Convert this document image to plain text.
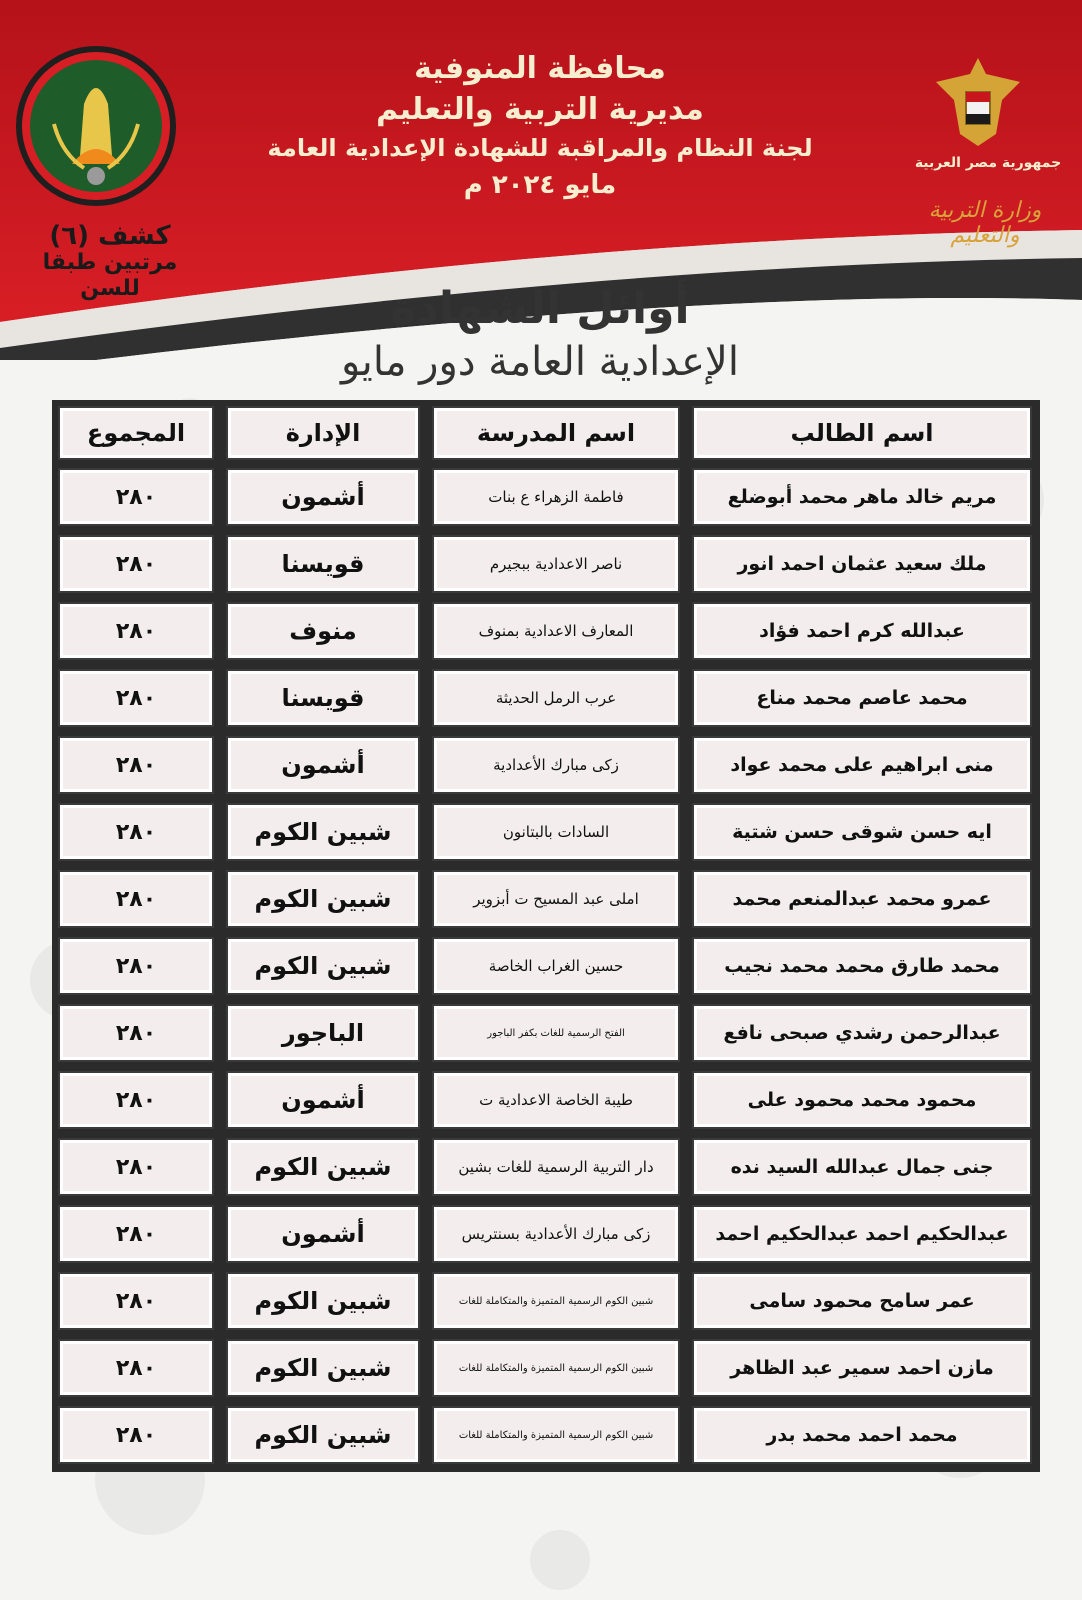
محافظة المنوفية
مديرية التربية والتعليم
لجنة النظام والمراقبة للشهادة الإعدادية العامة
مايو ٢٠٢٤ م
جمهورية مصر العربية
وزارة التربية والتعليم
كشف (٦)
مرتبين طبقا للسن	أوائل الشهادة
الإعدادية العامة دور مايو
المجموع	الإدارة	اسم المدرسة	اسم الطالب
٢٨٠	أشمون	فاطمة الزهراء ع بنات	مريم خالد ماهر محمد أبوضلع
٢٨٠	قويسنا	ناصر الاعدادية ببجيرم	ملك سعيد عثمان احمد انور
٢٨٠	منوف	المعارف الاعدادية بمنوف	عبدالله كرم احمد فؤاد
٢٨٠	قويسنا	عرب الرمل الحديثة	محمد عاصم محمد مناع
٢٨٠	أشمون	زكى مبارك الأعدادية	منى ابراهيم على محمد عواد
٢٨٠	شبين الكوم	السادات بالبتانون	ايه حسن شوقى حسن شتية
٢٨٠	شبين الكوم	املى عبد المسيح ت أبزوير	عمرو محمد عبدالمنعم محمد
٢٨٠	شبين الكوم	حسين الغراب الخاصة	محمد طارق محمد محمد نجيب
٢٨٠	الباجور	الفتح الرسمية للغات بكفر الباجور	عبدالرحمن رشدي صبحى نافع
٢٨٠	أشمون	طيبة الخاصة الاعدادية ت	محمود محمد محمود على
٢٨٠	شبين الكوم	دار التربية الرسمية للغات بشين	جنى جمال عبدالله السيد نده
٢٨٠	أشمون	زكى مبارك الأعدادية بسنتريس	عبدالحكيم احمد عبدالحكيم احمد
٢٨٠	شبين الكوم	شبين الكوم الرسمية المتميزة والمتكاملة للغات	عمر سامح محمود سامى
٢٨٠	شبين الكوم	شبين الكوم الرسمية المتميزة والمتكاملة للغات	مازن احمد سمير عبد الظاهر
٢٨٠	شبين الكوم	شبين الكوم الرسمية المتميزة والمتكاملة للغات	محمد احمد محمد بدر
